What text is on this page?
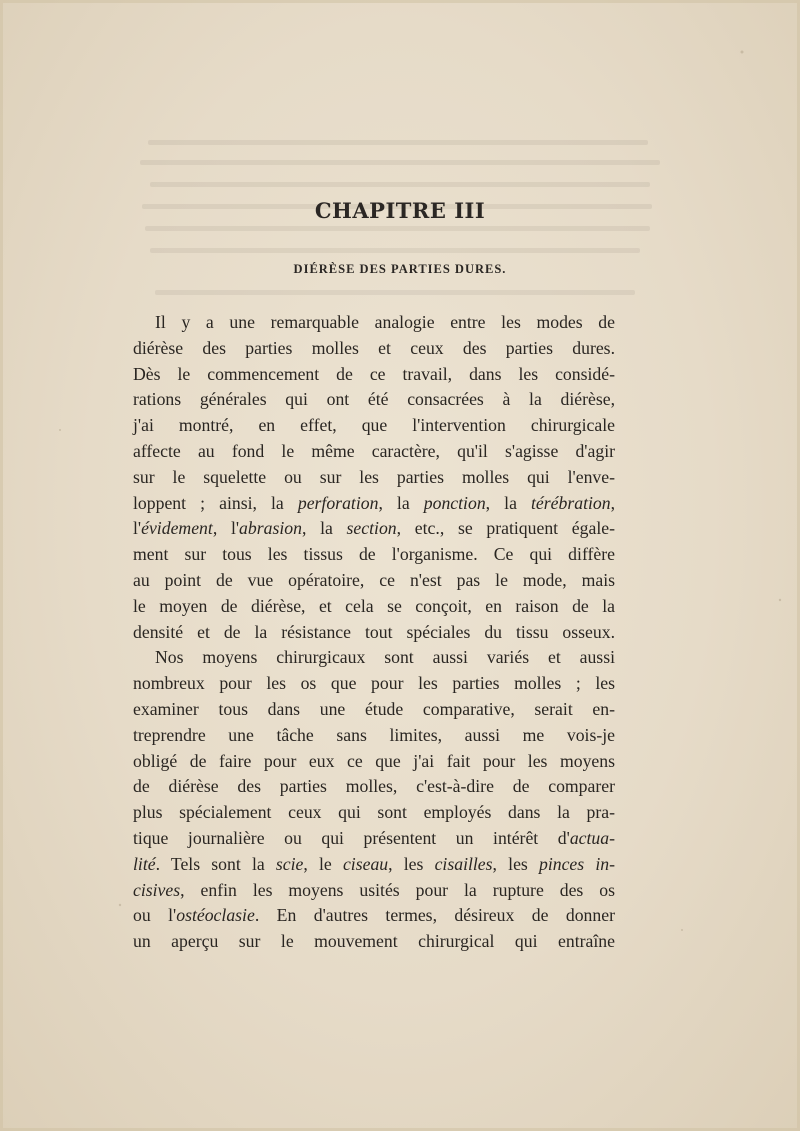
CHAPITRE III
DIÉRÈSE DES PARTIES DURES.
Il y a une remarquable analogie entre les modes de
diérèse des parties molles et ceux des parties dures.
Dès le commencement de ce travail, dans les considé-
rations générales qui ont été consacrées à la diérèse,
j'ai montré, en effet, que l'intervention chirurgicale
affecte au fond le même caractère, qu'il s'agisse d'agir
sur le squelette ou sur les parties molles qui l'enve-
loppent ; ainsi, la perforation, la ponction, la térébration,
l'évidement, l'abrasion, la section, etc., se pratiquent égale-
ment sur tous les tissus de l'organisme. Ce qui diffère
au point de vue opératoire, ce n'est pas le mode, mais
le moyen de diérèse, et cela se conçoit, en raison de la
densité et de la résistance tout spéciales du tissu osseux.
Nos moyens chirurgicaux sont aussi variés et aussi
nombreux pour les os que pour les parties molles ; les
examiner tous dans une étude comparative, serait en-
treprendre une tâche sans limites, aussi me vois-je
obligé de faire pour eux ce que j'ai fait pour les moyens
de diérèse des parties molles, c'est-à-dire de comparer
plus spécialement ceux qui sont employés dans la pra-
tique journalière ou qui présentent un intérêt d'actua-
lité. Tels sont la scie, le ciseau, les cisailles, les pinces in-
cisives, enfin les moyens usités pour la rupture des os
ou l'ostéoclasie. En d'autres termes, désireux de donner
un aperçu sur le mouvement chirurgical qui entraîne
